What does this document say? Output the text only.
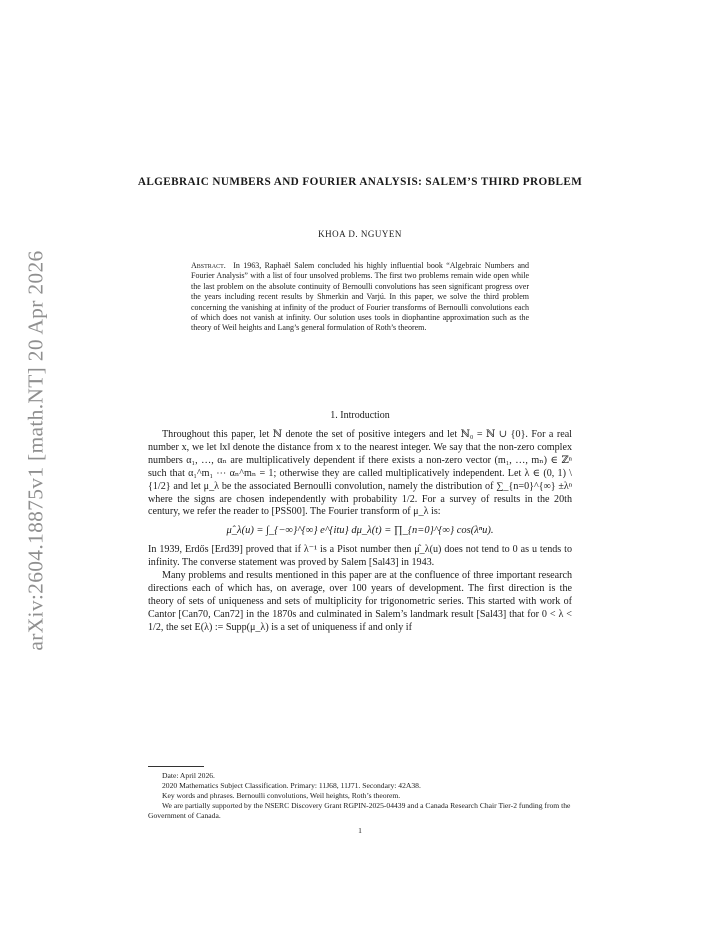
arXiv:2604.18875v1 [math.NT] 20 Apr 2026
ALGEBRAIC NUMBERS AND FOURIER ANALYSIS: SALEM’S THIRD PROBLEM
KHOA D. NGUYEN
Abstract. In 1963, Raphaël Salem concluded his highly influential book “Algebraic Numbers and Fourier Analysis” with a list of four unsolved problems. The first two problems remain wide open while the last problem on the absolute continuity of Bernoulli convolutions has seen significant progress over the years including recent results by Shmerkin and Varjú. In this paper, we solve the third problem concerning the vanishing at infinity of the product of Fourier transforms of Bernoulli convolutions each of which does not vanish at infinity. Our solution uses tools in diophantine approximation such as the theory of Weil heights and Lang’s general formulation of Roth’s theorem.
1. Introduction

Throughout this paper, let ℕ denote the set of positive integers and let ℕ₀ = ℕ ∪ {0}. For a real number x, we let ‖x‖ denote the distance from x to the nearest integer. We say that the non-zero complex numbers α₁, …, αₙ are multiplicatively dependent if there exists a non-zero vector (m₁, …, mₙ) ∈ ℤⁿ such that α₁^m₁ ⋯ αₙ^mₙ = 1; otherwise they are called multiplicatively independent. Let λ ∈ (0, 1) \ {1/2} and let μ_λ be the associated Bernoulli convolution, namely the distribution of ∑_{n=0}^{∞} ±λⁿ where the signs are chosen independently with probability 1/2. For a survey of results in the 20th century, we refer the reader to [PSS00]. The Fourier transform of μ_λ is:

μ̂_λ(u) = ∫_{−∞}^{∞} e^{itu} dμ_λ(t) = ∏_{n=0}^{∞} cos(λⁿu).

In 1939, Erdős [Erd39] proved that if λ⁻¹ is a Pisot number then μ̂_λ(u) does not tend to 0 as u tends to infinity. The converse statement was proved by Salem [Sal43] in 1943.

Many problems and results mentioned in this paper are at the confluence of three important research directions each of which has, on average, over 100 years of development. The first direction is the theory of sets of uniqueness and sets of multiplicity for trigonometric series. This started with work of Cantor [Can70, Can72] in the 1870s and culminated in Salem’s landmark result [Sal43] that for 0 < λ < 1/2, the set E(λ) := Supp(μ_λ) is a set of uniqueness if and only if

Date: April 2026.

2020 Mathematics Subject Classification. Primary: 11J68, 11J71. Secondary: 42A38.

Key words and phrases. Bernoulli convolutions, Weil heights, Roth’s theorem.

We are partially supported by the NSERC Discovery Grant RGPIN-2025-04439 and a Canada Research Chair Tier-2 funding from the Government of Canada.

1
